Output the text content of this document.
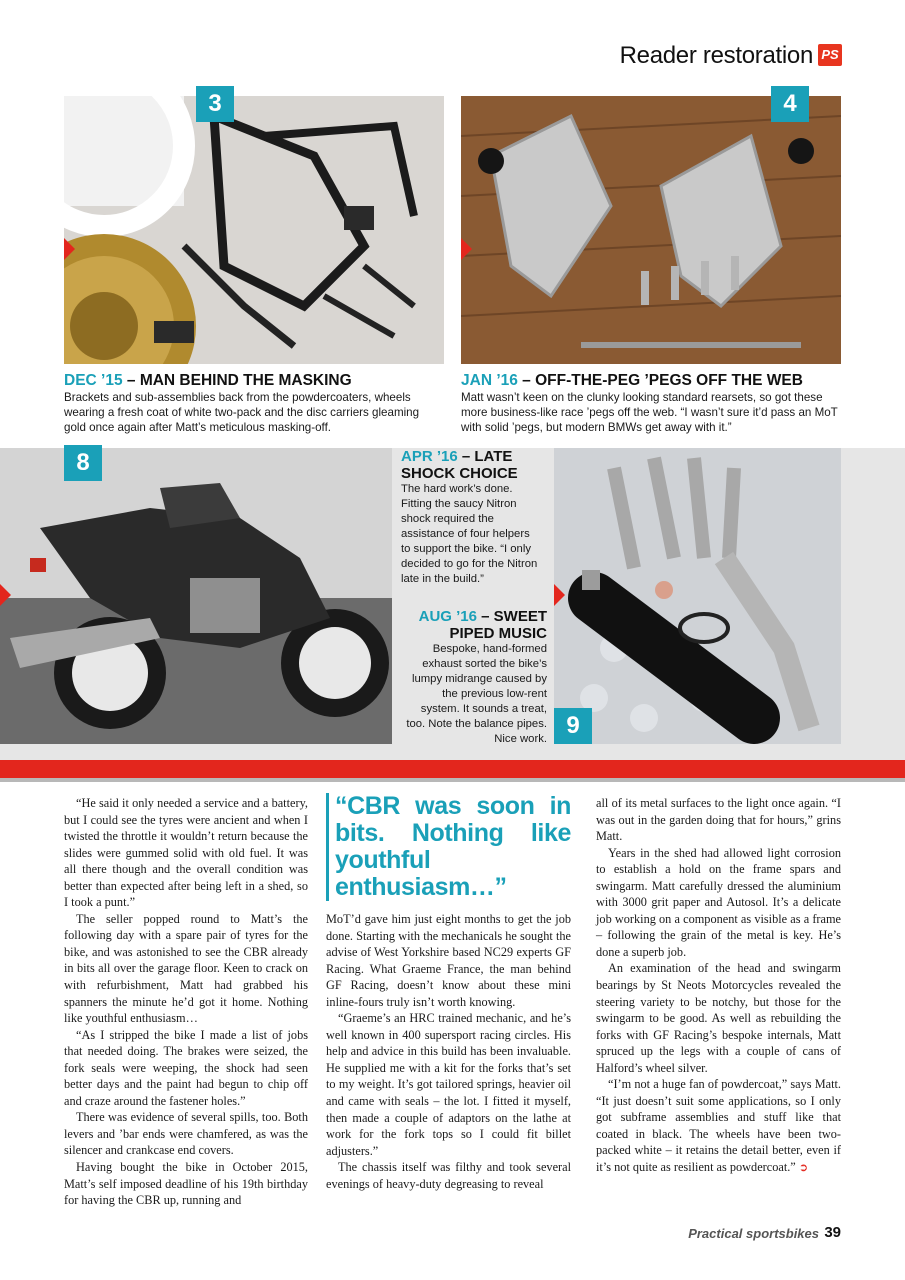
Reader restoration PS
3	4
DEC ’15 – MAN BEHIND THE MASKING
Brackets and sub-assemblies back from the powdercoaters, wheels wearing a fresh coat of white two-pack and the disc carriers gleaming gold once again after Matt’s meticulous masking-off.
JAN ’16 – OFF-THE-PEG ’PEGS OFF THE WEB
Matt wasn’t keen on the clunky looking standard rearsets, so got these more business-like race ’pegs off the web. “I wasn’t sure it’d pass an MoT with solid ’pegs, but modern BMWs get away with it.”
8	APR ’16 – LATE SHOCK CHOICE
The hard work’s done. Fitting the saucy Nitron shock required the assistance of four helpers to support the bike. “I only decided to go for the Nitron late in the build.”
AUG ’16 – SWEET PIPED MUSIC
Bespoke, hand-formed exhaust sorted the bike’s lumpy midrange caused by the previous low-rent system. It sounds a treat, too. Note the balance pipes. Nice work. 9

“He said it only needed a service and a battery, but I could see the tyres were ancient and when I twisted the throttle it wouldn’t return because the slides were gummed solid with old fuel. It was all there though and the overall condition was better than expected after being left in a shed, so I took a punt.”

The seller popped round to Matt’s the following day with a spare pair of tyres for the bike, and was astonished to see the CBR already in bits all over the garage floor. Keen to crack on with refurbishment, Matt had grabbed his spanners the minute he’d got it home. Nothing like youthful enthusiasm…

“As I stripped the bike I made a list of jobs that needed doing. The brakes were seized, the fork seals were weeping, the shock had seen better days and the paint had begun to chip off and craze around the fastener holes.”

There was evidence of several spills, too. Both levers and ’bar ends were chamfered, as was the silencer and crankcase end covers.

Having bought the bike in October 2015, Matt’s self imposed deadline of his 19th birthday for having the CBR up, running and

“CBR was soon in bits. Nothing like youthful enthusiasm…”

MoT’d gave him just eight months to get the job done. Starting with the mechanicals he sought the advise of West Yorkshire based NC29 experts GF Racing. What Graeme France, the man behind GF Racing, doesn’t know about these mini inline-fours truly isn’t worth knowing.

“Graeme’s an HRC trained mechanic, and he’s well known in 400 supersport racing circles. His help and advice in this build has been invaluable. He supplied me with a kit for the forks that’s set to my weight. It’s got tailored springs, heavier oil and came with seals – the lot. I fitted it myself, then made a couple of adaptors on the lathe at work for the fork tops so I could fit billet adjusters.”

The chassis itself was filthy and took several evenings of heavy-duty degreasing to reveal

all of its metal surfaces to the light once again. “I was out in the garden doing that for hours,” grins Matt.

Years in the shed had allowed light corrosion to establish a hold on the frame spars and swingarm. Matt carefully dressed the aluminium with 3000 grit paper and Autosol. It’s a delicate job working on a component as visible as a frame – following the grain of the metal is key. He’s done a superb job.

An examination of the head and swingarm bearings by St Neots Motorcycles revealed the steering variety to be notchy, but those for the swingarm to be good. As well as rebuilding the forks with GF Racing’s bespoke internals, Matt spruced up the legs with a couple of cans of Halford’s wheel silver.

“I’m not a huge fan of powdercoat,” says Matt. “It just doesn’t suit some applications, so I only got subframe assemblies and stuff like that coated in black. The wheels have been two-packed white – it retains the detail better, even if it’s not quite as resilient as powdercoat.” ➲

Practical sportsbikes 39
